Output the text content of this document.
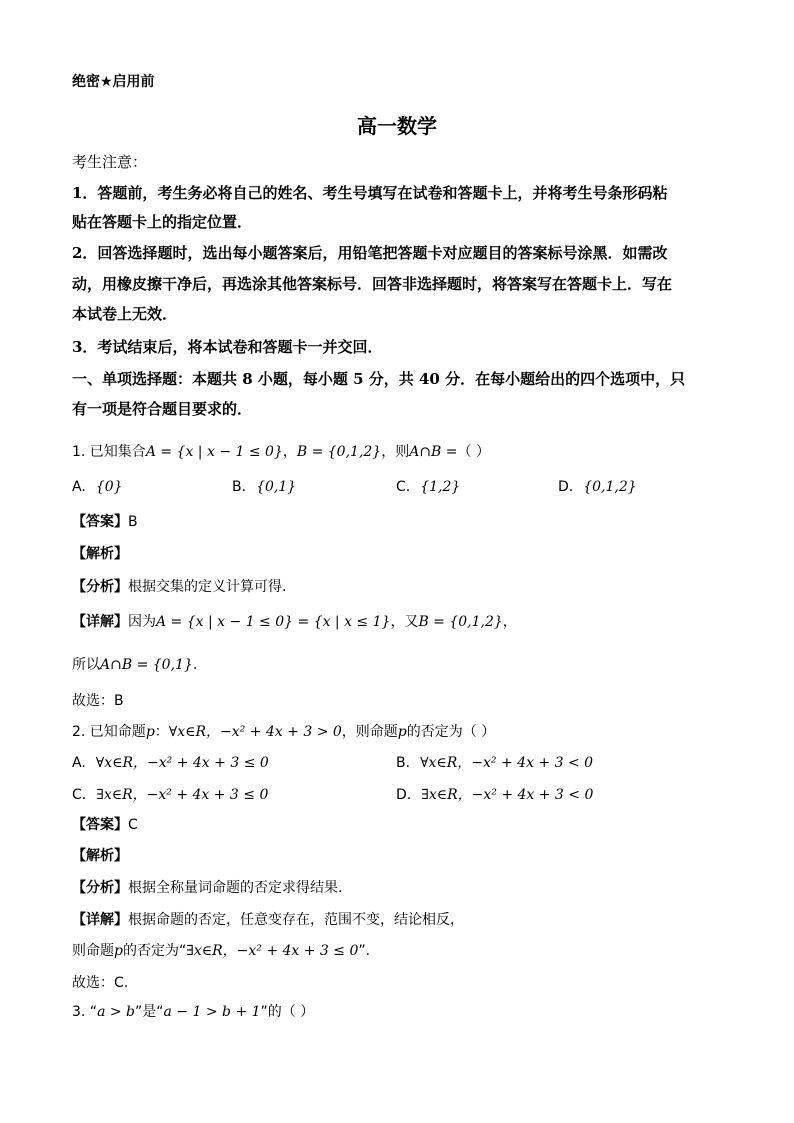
绝密★启用前
高一数学
考生注意：
1．答题前，考生务必将自己的姓名、考生号填写在试卷和答题卡上，并将考生号条形码粘
贴在答题卡上的指定位置．
2．回答选择题时，选出每小题答案后，用铅笔把答题卡对应题目的答案标号涂黑．如需改
动，用橡皮擦干净后，再选涂其他答案标号．回答非选择题时，将答案写在答题卡上．写在
本试卷上无效．
3．考试结束后，将本试卷和答题卡一并交回．
一、单项选择题：本题共 8 小题，每小题 5 分，共 40 分．在每小题给出的四个选项中，只
有一项是符合题目要求的．
1. 已知集合A = {x | x − 1 ≤ 0}，B = {0,1,2}，则A∩B =（ ）
A. {0}	B. {0,1}	C. {1,2}	D. {0,1,2}
【答案】B
【解析】
【分析】根据交集的定义计算可得.
【详解】因为A = {x | x − 1 ≤ 0} = {x | x ≤ 1}，又B = {0,1,2}，
所以A∩B = {0,1}.
故选：B
2. 已知命题p：∀x∈R，−x² + 4x + 3 > 0，则命题p的否定为（ ）
A. ∀x∈R，−x² + 4x + 3 ≤ 0	B. ∀x∈R，−x² + 4x + 3 < 0
C. ∃x∈R，−x² + 4x + 3 ≤ 0	D. ∃x∈R，−x² + 4x + 3 < 0
【答案】C
【解析】
【分析】根据全称量词命题的否定求得结果.
【详解】根据命题的否定，任意变存在，范围不变，结论相反，
则命题p的否定为“∃x∈R，−x² + 4x + 3 ≤ 0”.
故选：C.
3. “a > b”是“a − 1 > b + 1”的（ ）
